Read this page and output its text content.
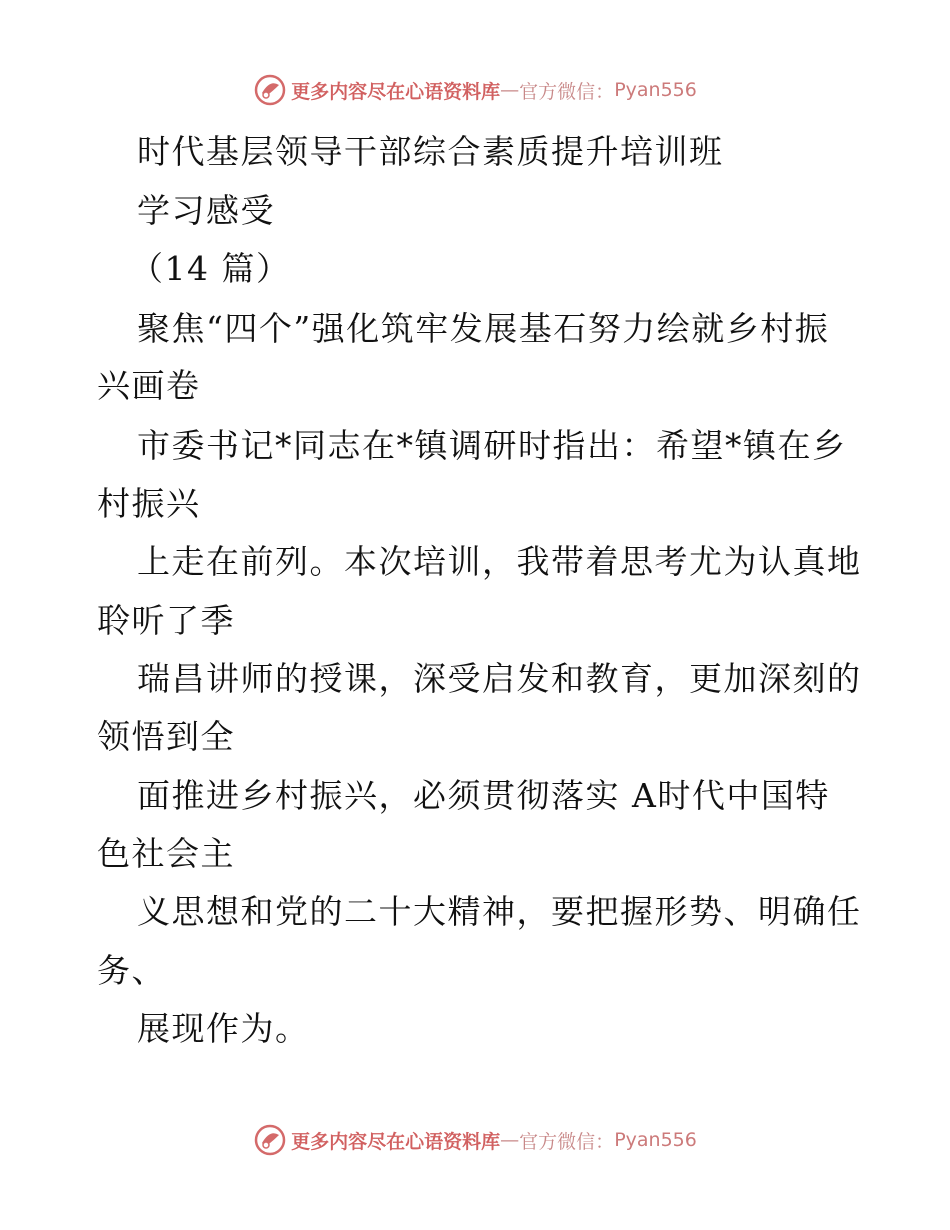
更多内容尽在心语资料库 — 官方微信： Pyan556
时代基层领导干部综合素质提升培训班
学习感受
（14 篇）
聚焦“四个”强化筑牢发展基石努力绘就乡村振
兴画卷
市委书记*同志在*镇调研时指出：希望*镇在乡
村振兴
上走在前列。本次培训，我带着思考尤为认真地
聆听了季
瑞昌讲师的授课，深受启发和教育，更加深刻的
领悟到全
面推进乡村振兴，必须贯彻落实 A时代中国特
色社会主
义思想和党的二十大精神，要把握形势、明确任
务、
展现作为。
更多内容尽在心语资料库 — 官方微信： Pyan556
